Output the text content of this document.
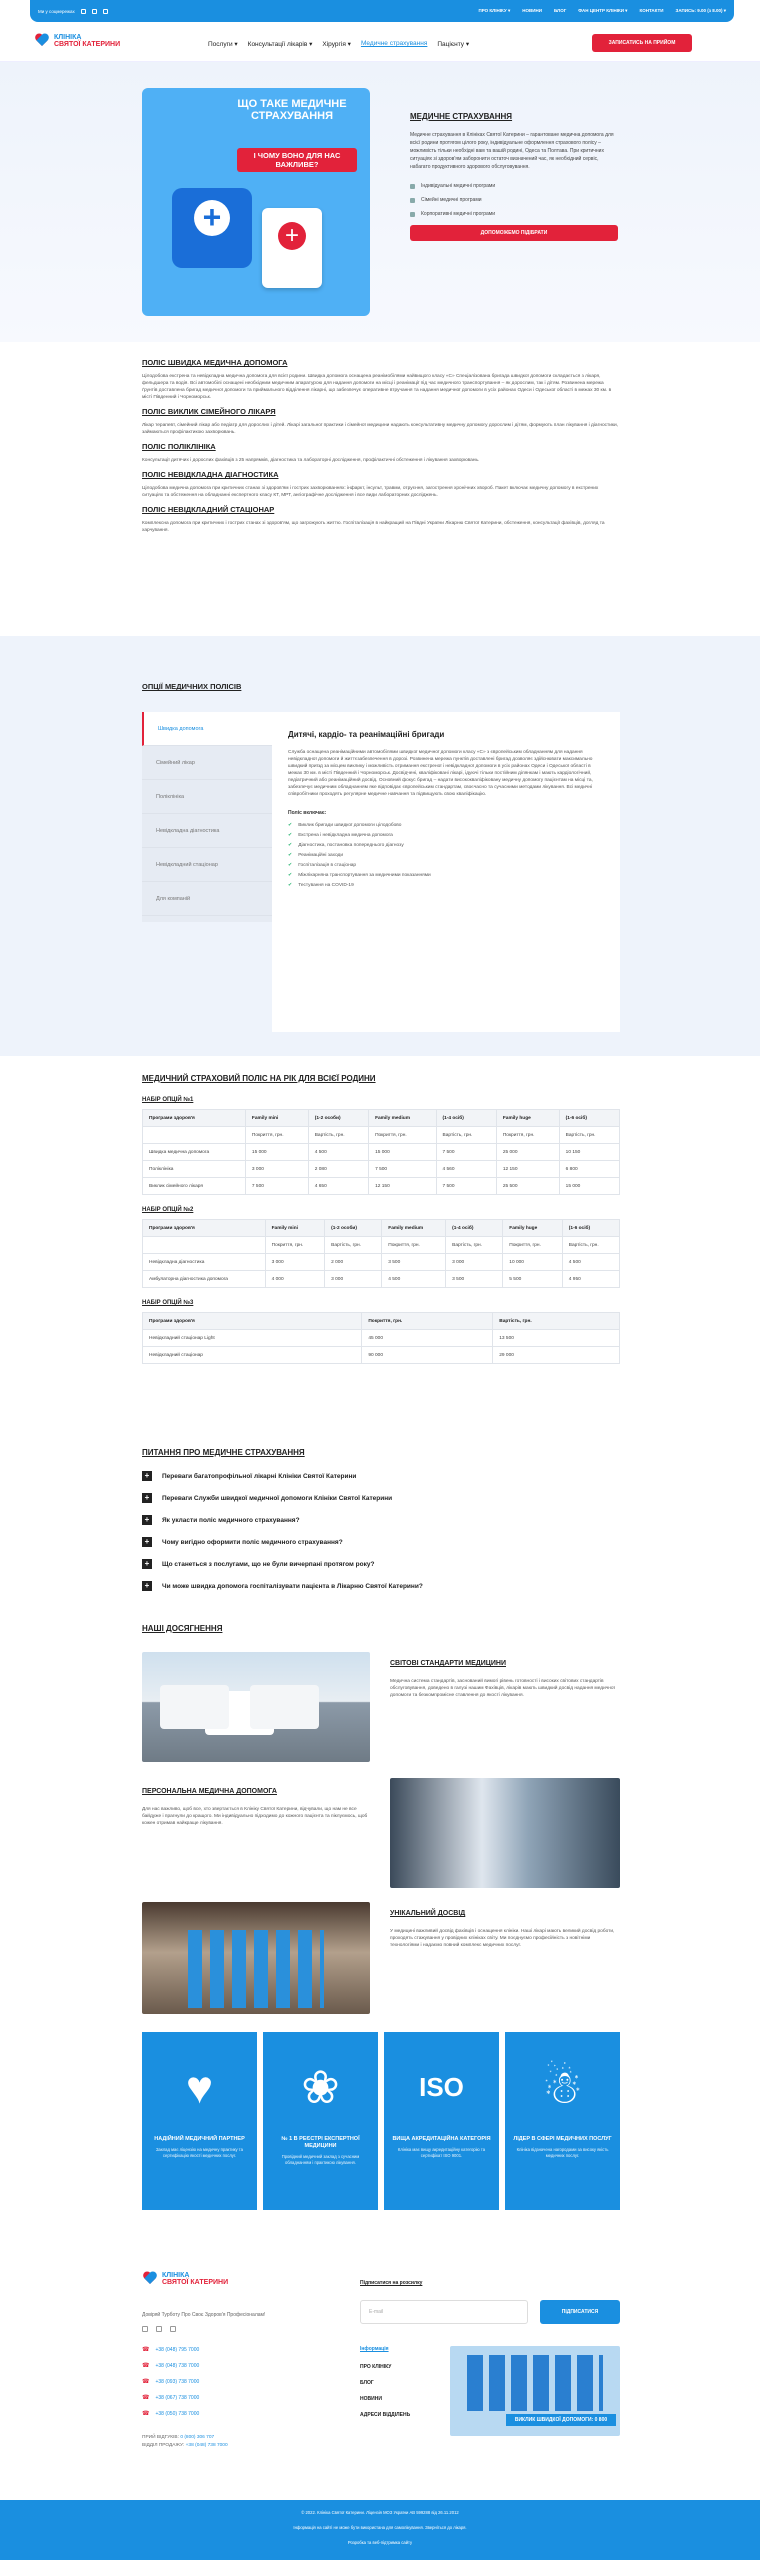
Ми у соцмережах	ПРО КЛІНІКУ ▾	НОВИНИ	БЛОГ	ФАН ЦЕНТР КЛІНІКИ ▾	КОНТАКТИ	ЗАПИСЬ: 9.00 (з 8.00) ▾
КЛІНІКА
СВЯТОЇ КАТЕРИНИ	Послуги ▾ Консультації лікарів ▾ Хірургія ▾ Медичне страхування Пацієнту ▾	ЗАПИСАТИСЬ НА ПРИЙОМ
ЩО ТАКЕ МЕДИЧНЕ СТРАХУВАННЯ
І ЧОМУ ВОНО ДЛЯ НАС ВАЖЛИВЕ?
+
+
МЕДИЧНЕ СТРАХУВАННЯ
Медичне страхування в Клініках Святої Катерини – гарантоване медична допомога для всієї родини протягом цілого року, індивідуальне оформлення страхового полісу – можливість тільки необхідні вам та вашій родині, Одеса та Полтава. При критичних ситуаціях зі здоров'ям заборонити остаточ визначений час, як необхідний сервіс, набагато продуктивного здорового обслуговування.
Індивідуальні медичні програми
Сімейні медичні програми
Корпоративні медичні програми
ДОПОМОЖЕМО ПІДІБРАТИ
ПОЛІС ШВИДКА МЕДИЧНА ДОПОМОГА

Цілодобова екстрена та невідкладна медична допомога для всієї родини. Швидка допомога оснащена реанімобілями найвищого класу «С» Спеціалізована бригада швидкої допомоги складається з лікаря, фельдшера та водія. Всі автомобілі оснащені необхідним медичним апаратурою для надання допомоги на місці і реанімації під час медичного транспортування – як дорослим, так і дітям. Розвинена мережа ґрунтів доставлена бригад медичної допомоги та приймального відділення лікарні, що забезпечує оперативне втручання та надання медичної допомоги в усіх районах Одеси і Одеської області в межах 30 км. в місті Південний і Чорноморськ.

ПОЛІС ВИКЛИК СІМЕЙНОГО ЛІКАРЯ

Лікар терапевт, сімейний лікар або педіатр для дорослих і дітей. Лікарі загальної практики і сімейної медицини надають консультативну медичну допомогу дорослим і дітям, формують план лікування і діагностики, займаються профілактикою захворювань.

ПОЛІС ПОЛІКЛІНІКА

Консультації дитячих і дорослих фахівців з 25 напрямків, діагностика та лабораторні дослідження, профілактичні обстеження і лікування захворювань.

ПОЛІС НЕВІДКЛАДНА ДІАГНОСТИКА

Цілодобова медична допомога при критичних станах зі здоров'ям і гострих захворюваннях: інфаркт, інсульт, травми, отруєння, загострення хронічних хвороб. Пакет включає медичну допомогу в екстрених ситуаціях та обстеження на обладнанні експертного класу КТ, МРТ, ангіографічне дослідження і все види лабораторних досліджень.

ПОЛІС НЕВІДКЛАДНИЙ СТАЦІОНАР

Комплексна допомога при критичних і гострих станах зі здоров'ям, що загрожують життю. Госпіталізація в найкращий на Півдні України Лікарню Святої Катерини, обстеження, консультації фахівців, догляд та харчування.

ОПЦІЇ МЕДИЧНИХ ПОЛІСІВ
Швидка допомога
Сімейний лікар
Поліклініка
Невідкладна діагностика
Невідкладний стаціонар
Для компаній
Дитячі, кардіо- та реанімаційні бригади
Служба оснащена реанімаційними автомобілями швидкої медичної допомоги класу «С» з європейським обладнанням для надання невідкладної допомоги й життєзабезпечення в дорозі. Розвинена мережа пунктів доставлені бригад дозволяє здійснювати максимально швидкий приїзд за місцем виклику і можливість отримання екстреної і невідкладної допомоги в усіх районах Одеси і Одеської області в межах 30 км. в місті Південний і Чорноморськ. Досвідчені, кваліфіковані лікарі, ідуючі тільки постійним ділянкам і мають кардіологічний, педіатричний або реанімаційний досвід. Основний фокус бригад – надати висококваліфіковану медичну допомогу пацієнтам на місці та, забезпечує медичним обладнанням яке відповідає європейським стандартам, своєчасно та сучасними методами лікування. Всі медичні співробітники проходять регулярне медичне навчання та підвищують свою кваліфікацію.
Поліс включає:
✔ Виклик бригади швидкої допомоги цілодобово
✔ Екстрена і невідкладна медична допомога
✔ Діагностика, постановка попереднього діагнозу
✔ Реанімаційні заходи
✔ Госпіталізація в стаціонар
✔ Міжлікарняна транспортування за медичними показаннями
✔ Тестування на COVID-19
МЕДИЧНИЙ СТРАХОВИЙ ПОЛІС НА РІК ДЛЯ ВСІЄЇ РОДИНИ
НАБІР ОПЦІЙ №1
Програми здоров'я	Family mini	(1-2 особи)	Family medium	(1-4 осіб)	Family huge	(1-6 осіб)
	Покриття, грн.	Вартість, грн.	Покриття, грн.	Вартість, грн.	Покриття, грн.	Вартість, грн.
Швидка медична допомога	15 000	4 500	15 000	7 500	25 000	10 150
Поліклініка	3 000	2 080	7 500	4 560	12 150	6 800
Виклик сімейного лікаря	7 500	4 650	12 150	7 500	25 500	15 000
НАБІР ОПЦІЙ №2
Програми здоров'я	Family mini	(1-2 особи)	Family medium	(1-4 осіб)	Family huge	(1-6 осіб)
	Покриття, грн.	Вартість, грн.	Покриття, грн.	Вартість, грн.	Покриття, грн.	Вартість, грн.
Невідкладна діагностика	3 000	2 000	3 500	3 000	10 000	4 500
Амбулаторна діагностика допомога	4 000	3 000	4 500	3 500	5 500	4 950
НАБІР ОПЦІЙ №3
Програми здоров'я	Покриття, грн.	Вартість, грн.
Невідкладний стаціонар Light	45 000	13 500
Невідкладний стаціонар	90 000	29 000
ПИТАННЯ ПРО МЕДИЧНЕ СТРАХУВАННЯ
+	Переваги багатопрофільної лікарні Клініки Святої Катерини
+	Переваги Служби швидкої медичної допомоги Клініки Святої Катерини
+	Як укласти поліс медичного страхування?
+	Чому вигідно оформити поліс медичного страхування?
+	Що станеться з послугами, що не були вичерпані протягом року?
+	Чи може швидка допомога госпіталізувати пацієнта в Лікарню Святої Катерини?
НАШІ ДОСЯГНЕННЯ
СВІТОВІ СТАНДАРТИ МЕДИЦИНИ
Медична система стандартів, заснований вимогі рівень готовності і високих світових стандартів обслуговування, доведено в галузі нашим Фахівців, лікарів мають швидкий досвід надання медичної допомоги та безкомпромісне ставлення до якості лікування.
ПЕРСОНАЛЬНА МЕДИЧНА ДОПОМОГА
Для нас важливо, щоб все, хто звертається в Клініку Святої Катерини, відчували, що нам не все байдуже і прагнули до кращого. Ми індивідуально підходимо до кожного пацієнта та піклуємось, щоб кожен отримав найкраще лікування.
УНІКАЛЬНИЙ ДОСВІД
У медицині важливий досвід фахівців і оснащення клініки. Наші лікарі мають великий досвід роботи, проходять стажування у провідних клініках світу. Ми поєднуємо професійність з новітніми технологіями і надаємо повний комплекс медичних послуг.
♥
НАДІЙНИЙ МЕДИЧНИЙ ПАРТНЕР
Заклад має ліцензію на медичну практику та сертифікацію якості медичних послуг.
❀
№ 1 В РЕЄСТРІ ЕКСПЕРТНОЇ МЕДИЦИНИ
Провідний медичний заклад з сучасним обладнанням і практикою лікування.
ISO
ВИЩА АКРЕДИТАЦІЙНА КАТЕГОРІЯ
Клініка має вищу акредитаційну категорію та сертифікат ISO 9001.
☃
ЛІДЕР В СФЕРІ МЕДИЧНИХ ПОСЛУГ
Клініка відзначена нагородами за високу якість медичних послуг.
КЛІНІКА
СВЯТОЇ КАТЕРИНИ
Довіряй Турботу Про Своє Здоров'я Професіоналам!
☎ +38 (048) 795 7000
☎ +38 (048) 738 7000
☎ +38 (093) 738 7000
☎ +38 (067) 738 7000
☎ +38 (050) 738 7000
ПРИЙ ВІДГУКІВ: 0 (800) 306 707
ВІДДІЛ ПРОДАЖУ: +38 (048) 738 7000
Підписатися на розсилку
E-mail	ПІДПИСАТИСЯ
Інформація
ПРО КЛІНІКУ
БЛОГ
НОВИНИ
АДРЕСИ ВІДДІЛЕНЬ
ВИКЛИК ШВИДКОЇ ДОПОМОГИ: 0 800
© 2022. Клініка Святої Катерини. Ліцензія МОЗ України АВ 599288 від 26.11.2012
Інформація на сайті не може бути використана для самолікування. Зверніться до лікаря.
Розробка та веб-підтримка сайту
